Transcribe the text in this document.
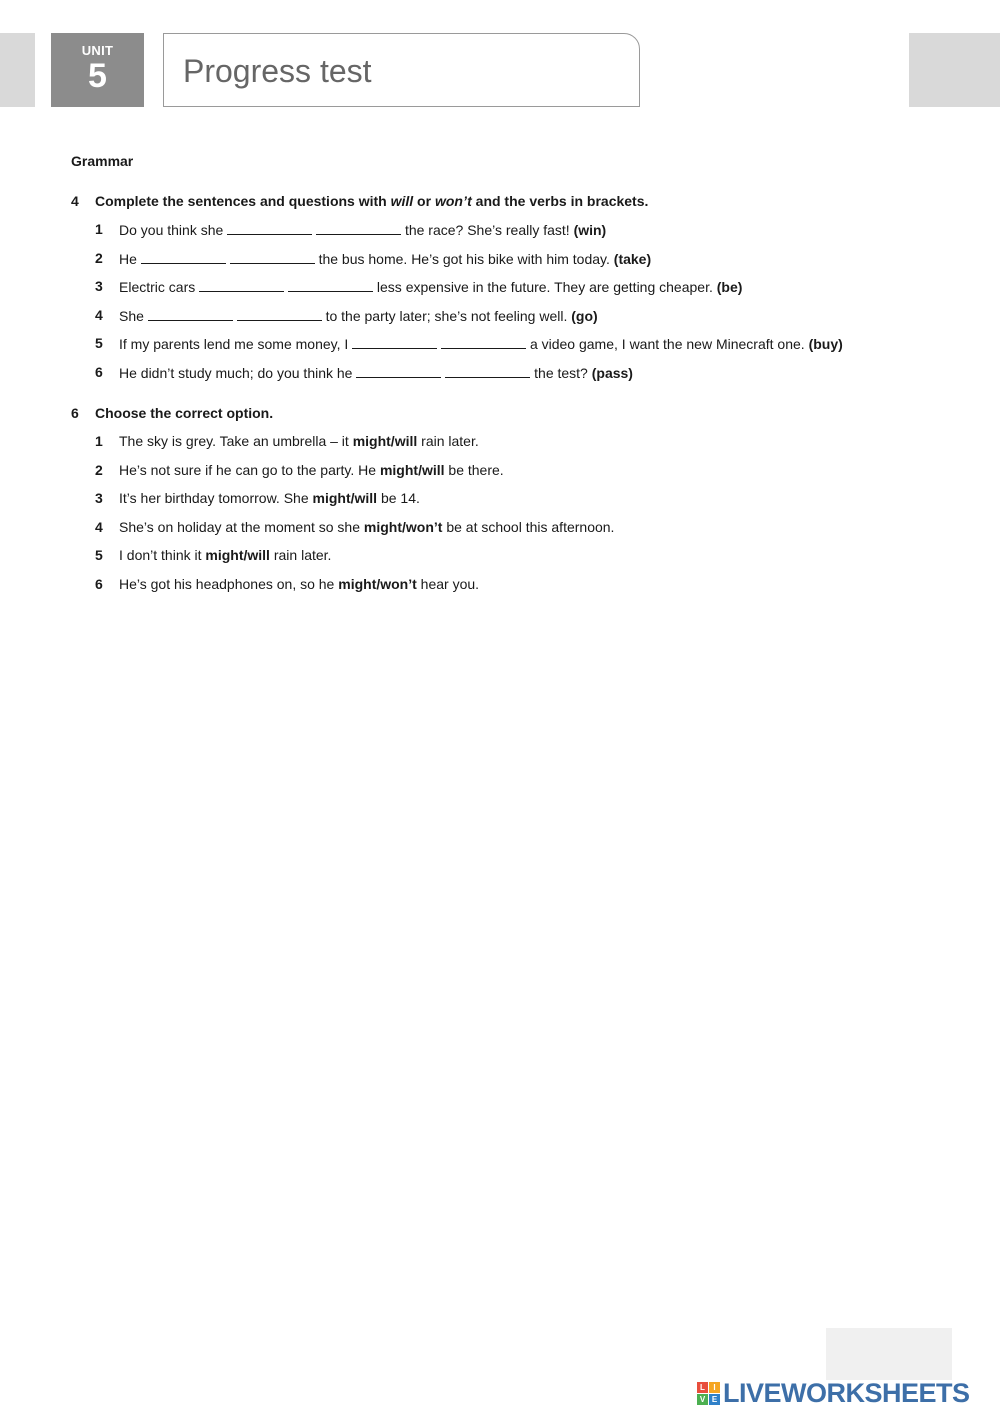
UNIT
5	Progress test
Grammar
4 Complete the sentences and questions with will or won’t and the verbs in brackets.
1 Do you think she	the race? She’s really fast! (win)
2 He	the bus home. He’s got his bike with him today. (take)
3 Electric cars	less expensive in the future. They are getting cheaper. (be)
4 She	to the party later; she’s not feeling well. (go)
5 If my parents lend me some money, I	a video game, I want the new Minecraft one. (buy)
6 He didn’t study much; do you think he	the test? (pass)
6 Choose the correct option.
1 The sky is grey. Take an umbrella – it might/will rain later.
2 He’s not sure if he can go to the party. He might/will be there.
3 It’s her birthday tomorrow. She might/will be 14.
4 She’s on holiday at the moment so she might/won’t be at school this afternoon.
5 I don’t think it might/will rain later.
6 He’s got his headphones on, so he might/won’t hear you.
L	I
V E LIVEWORKSHEETS
